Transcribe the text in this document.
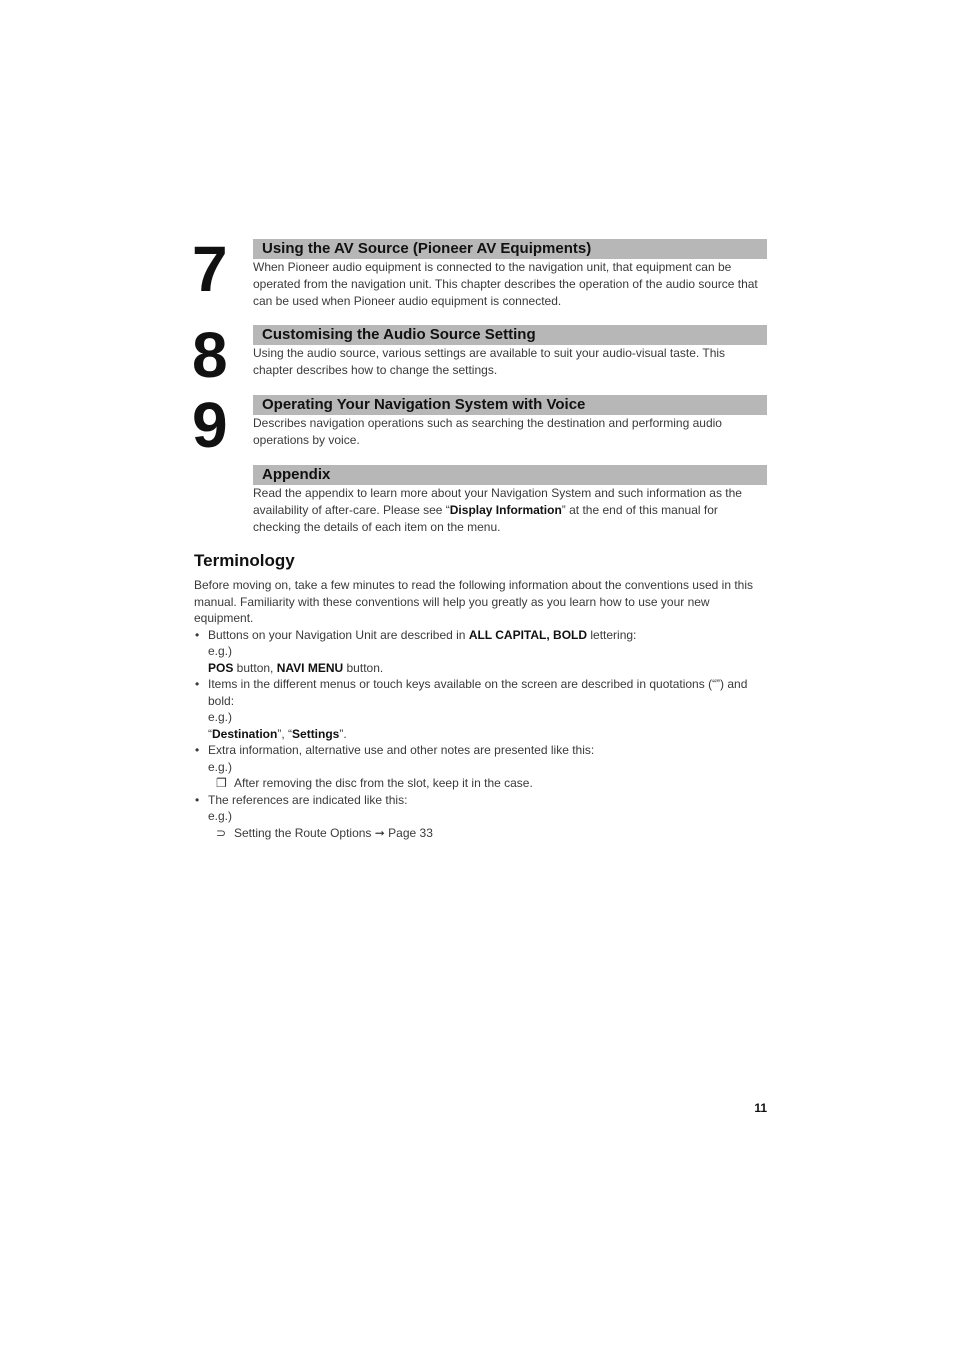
7
8
9
Using the AV Source (Pioneer AV Equipments)

When Pioneer audio equipment is connected to the navigation unit, that equipment can be operated from the navigation unit. This chapter describes the operation of the audio source that can be used when Pioneer audio equipment is connected.

Customising the Audio Source Setting

Using the audio source, various settings are available to suit your audio-visual taste. This chapter describes how to change the settings.

Operating Your Navigation System with Voice

Describes navigation operations such as searching the destination and performing audio operations by voice.

Appendix

Read the appendix to learn more about your Navigation System and such information as the availability of after-care. Please see “Display Information” at the end of this manual for checking the details of each item on the menu.

Terminology

Before moving on, take a few minutes to read the following information about the conventions used in this manual. Familiarity with these conventions will help you greatly as you learn how to use your new equipment.

• Buttons on your Navigation Unit are described in ALL CAPITAL, BOLD lettering:
e.g.)
POS button, NAVI MENU button.
• Items in the different menus or touch keys available on the screen are described in quotations (“”) and bold:
e.g.)
“Destination”, “Settings”.
• Extra information, alternative use and other notes are presented like this:
e.g.)
❒ After removing the disc from the slot, keep it in the case.
• The references are indicated like this:
e.g.)
⊃ Setting the Route Options ➞ Page 33
11
